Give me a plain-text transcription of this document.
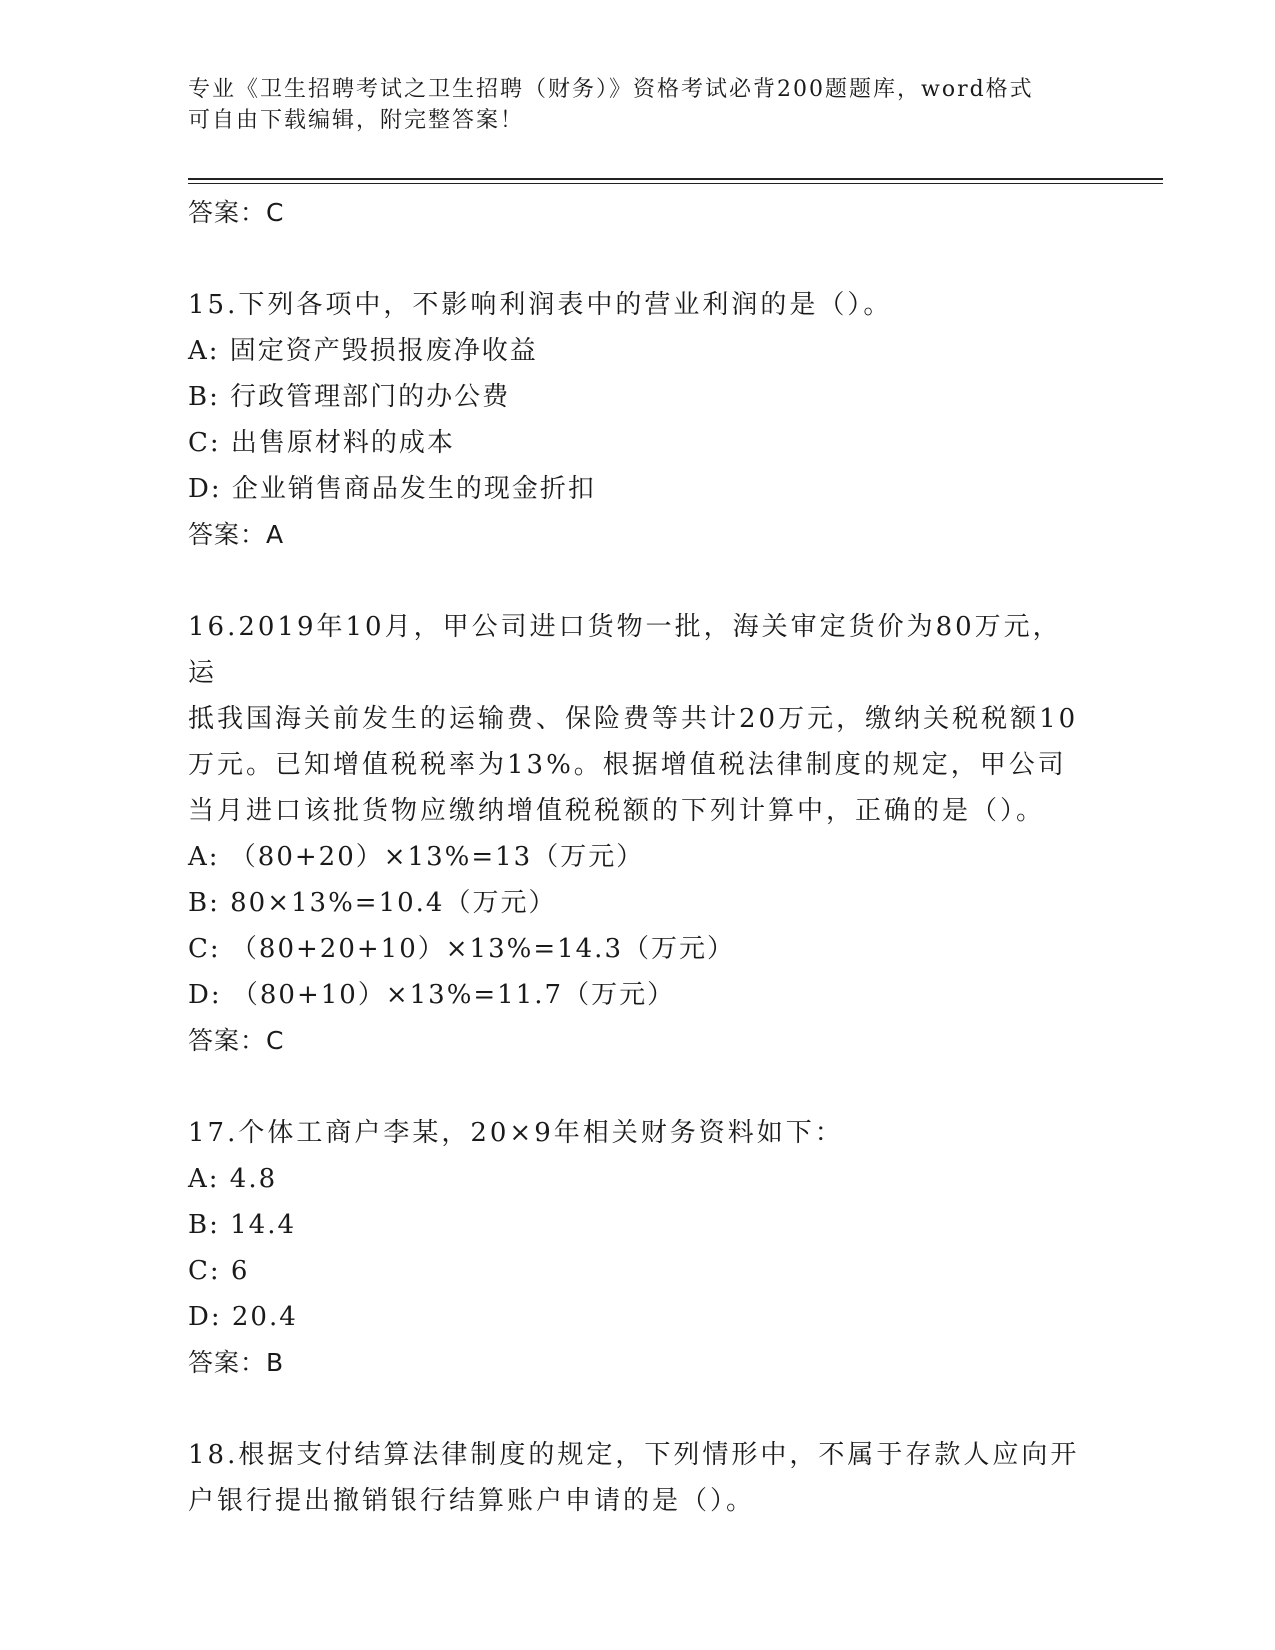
专业《卫生招聘考试之卫生招聘（财务）》资格考试必背200题题库，word格式
可自由下载编辑，附完整答案！
答案：C
15.下列各项中，不影响利润表中的营业利润的是（）。
A: 固定资产毁损报废净收益
B: 行政管理部门的办公费
C: 出售原材料的成本
D: 企业销售商品发生的现金折扣
答案：A
16.2019年10月，甲公司进口货物一批，海关审定货价为80万元，运
抵我国海关前发生的运输费、保险费等共计20万元，缴纳关税税额10
万元。已知增值税税率为13%。根据增值税法律制度的规定，甲公司
当月进口该批货物应缴纳增值税税额的下列计算中，正确的是（）。
A: （80+20）×13%=13（万元）
B: 80×13%=10.4（万元）
C: （80+20+10）×13%=14.3（万元）
D: （80+10）×13%=11.7（万元）
答案：C
17.个体工商户李某，20×9年相关财务资料如下：
A: 4.8
B: 14.4
C: 6
D: 20.4
答案：B
18.根据支付结算法律制度的规定，下列情形中，不属于存款人应向开
户银行提出撤销银行结算账户申请的是（）。
